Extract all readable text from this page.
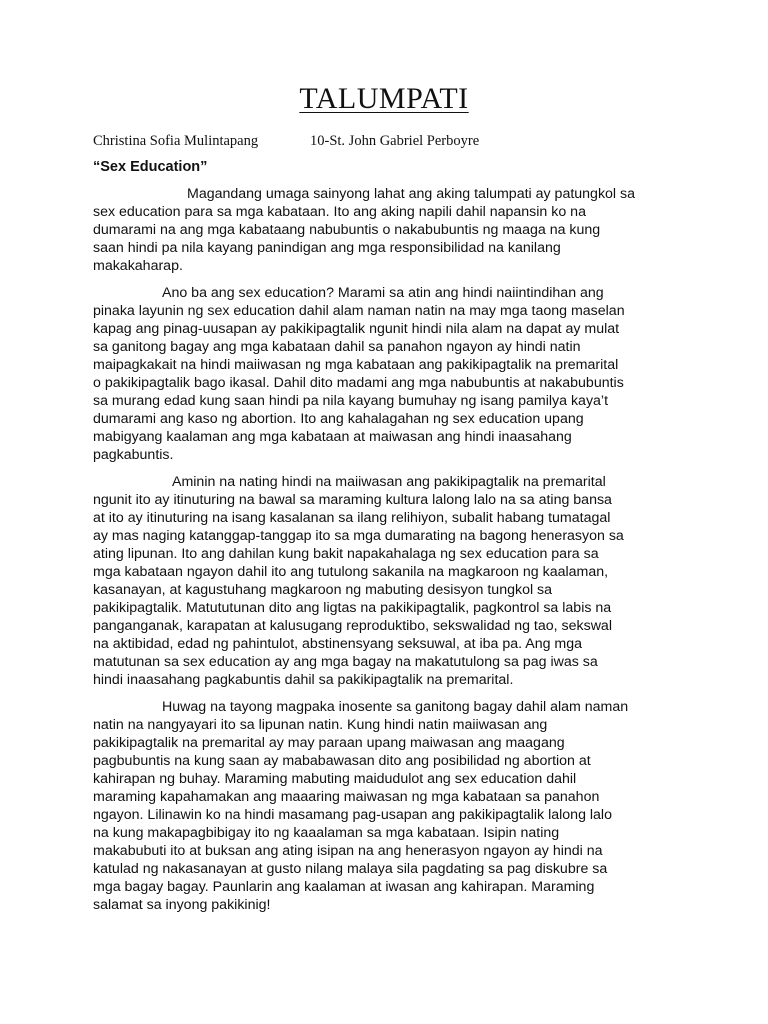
TALUMPATI
Christina Sofia Mulintapang	10-St. John Gabriel Perboyre
“Sex Education”
Magandang umaga sainyong lahat ang aking talumpati ay patungkol sa
sex education para sa mga kabataan. Ito ang aking napili dahil napansin ko na
dumarami na ang mga kabataang nabubuntis o nakabubuntis ng maaga na kung
saan hindi pa nila kayang panindigan ang mga responsibilidad na kanilang
makakaharap.
Ano ba ang sex education? Marami sa atin ang hindi naiintindihan ang
pinaka layunin ng sex education dahil alam naman natin na may mga taong maselan
kapag ang pinag-uusapan ay pakikipagtalik ngunit hindi nila alam na dapat ay mulat
sa ganitong bagay ang mga kabataan dahil sa panahon ngayon ay hindi natin
maipagkakait na hindi maiiwasan ng mga kabataan ang pakikipagtalik na premarital
o pakikipagtalik bago ikasal. Dahil dito madami ang mga nabubuntis at nakabubuntis
sa murang edad kung saan hindi pa nila kayang bumuhay ng isang pamilya kaya’t
dumarami ang kaso ng abortion. Ito ang kahalagahan ng sex education upang
mabigyang kaalaman ang mga kabataan at maiwasan ang hindi inaasahang
pagkabuntis.
Aminin na nating hindi na maiiwasan ang pakikipagtalik na premarital
ngunit ito ay itinuturing na bawal sa maraming kultura lalong lalo na sa ating bansa
at ito ay itinuturing na isang kasalanan sa ilang relihiyon, subalit habang tumatagal
ay mas naging katanggap-tanggap ito sa mga dumarating na bagong henerasyon sa
ating lipunan. Ito ang dahilan kung bakit napakahalaga ng sex education para sa
mga kabataan ngayon dahil ito ang tutulong sakanila na magkaroon ng kaalaman,
kasanayan, at kagustuhang magkaroon ng mabuting desisyon tungkol sa
pakikipagtalik. Matututunan dito ang ligtas na pakikipagtalik, pagkontrol sa labis na
panganganak, karapatan at kalusugang reproduktibo, sekswalidad ng tao, sekswal
na aktibidad, edad ng pahintulot, abstinensyang seksuwal, at iba pa. Ang mga
matutunan sa sex education ay ang mga bagay na makatutulong sa pag iwas sa
hindi inaasahang pagkabuntis dahil sa pakikipagtalik na premarital.
Huwag na tayong magpaka inosente sa ganitong bagay dahil alam naman
natin na nangyayari ito sa lipunan natin. Kung hindi natin maiiwasan ang
pakikipagtalik na premarital ay may paraan upang maiwasan ang maagang
pagbubuntis na kung saan ay mababawasan dito ang posibilidad ng abortion at
kahirapan ng buhay. Maraming mabuting maidudulot ang sex education dahil
maraming kapahamakan ang maaaring maiwasan ng mga kabataan sa panahon
ngayon. Lilinawin ko na hindi masamang pag-usapan ang pakikipagtalik lalong lalo
na kung makapagbibigay ito ng kaaalaman sa mga kabataan. Isipin nating
makabubuti ito at buksan ang ating isipan na ang henerasyon ngayon ay hindi na
katulad ng nakasanayan at gusto nilang malaya sila pagdating sa pag diskubre sa
mga bagay bagay. Paunlarin ang kaalaman at iwasan ang kahirapan. Maraming
salamat sa inyong pakikinig!
